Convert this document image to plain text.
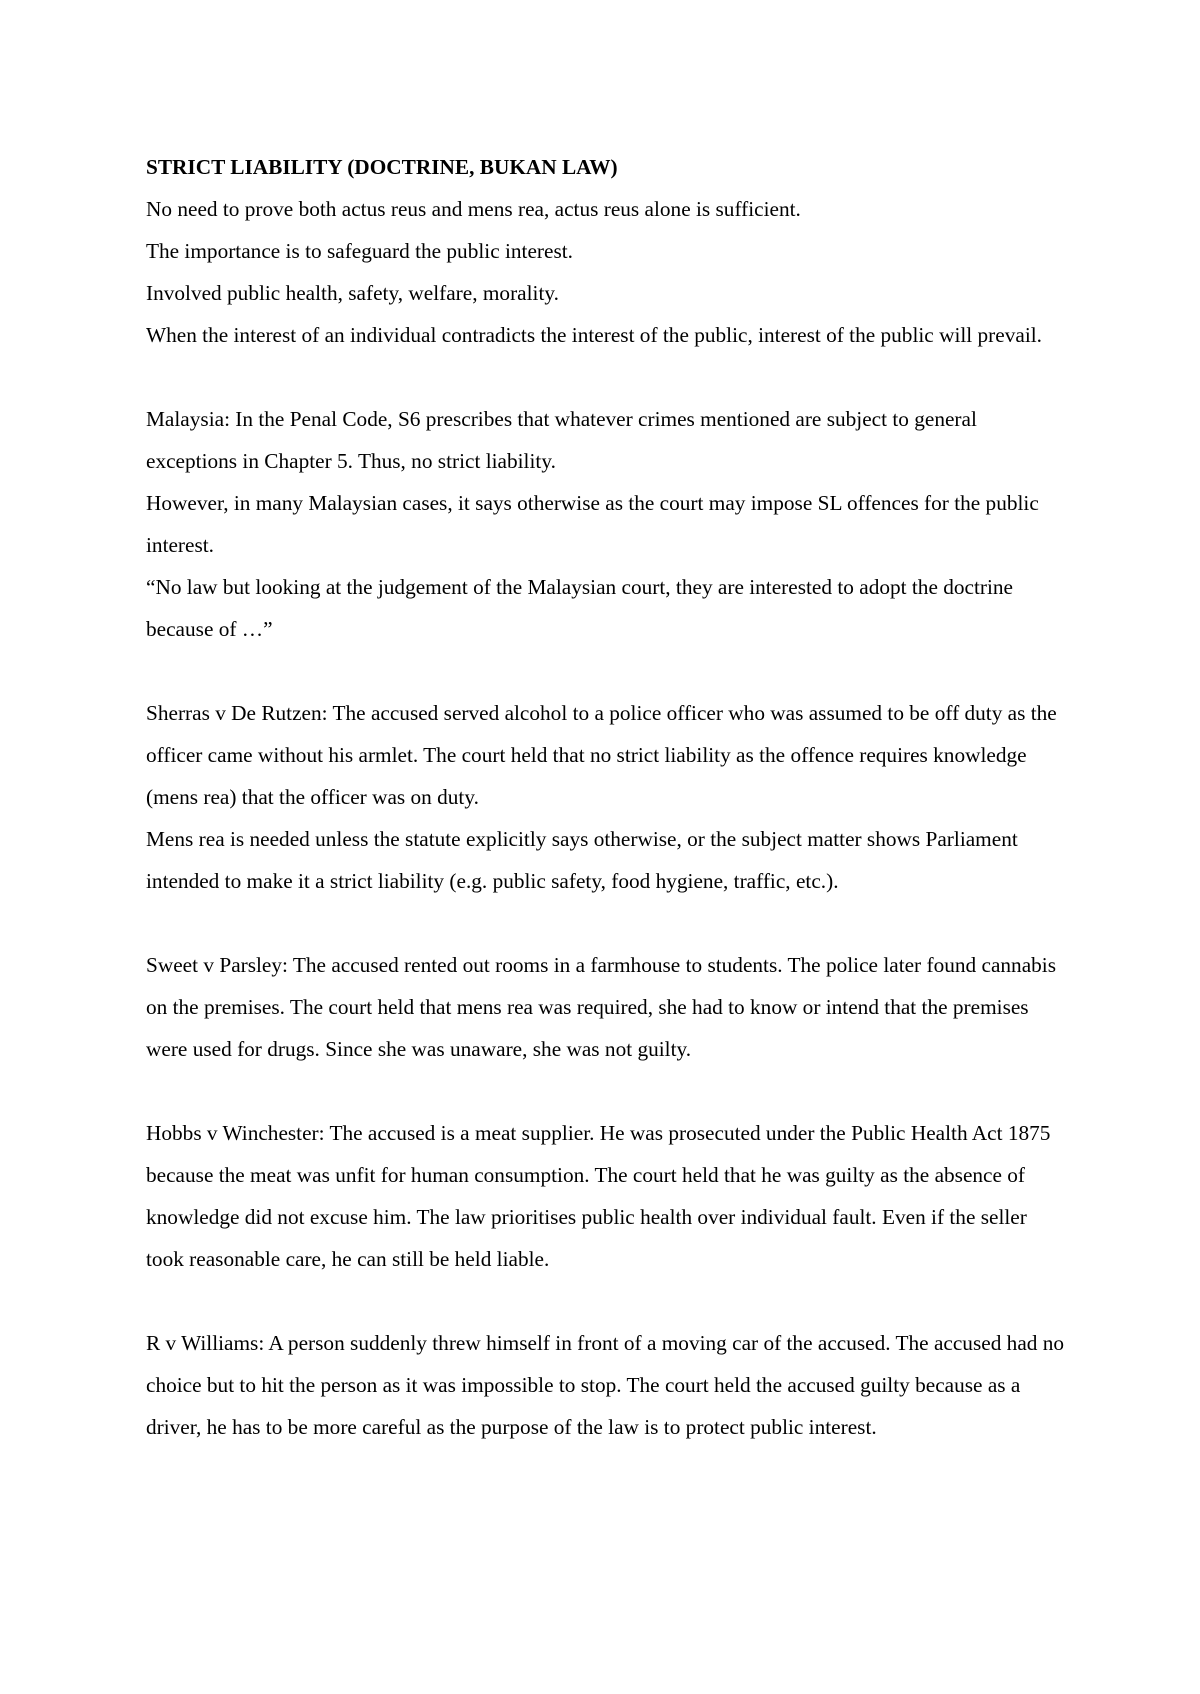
STRICT LIABILITY (DOCTRINE, BUKAN LAW)

No need to prove both actus reus and mens rea, actus reus alone is sufficient.

The importance is to safeguard the public interest.

Involved public health, safety, welfare, morality.

When the interest of an individual contradicts the interest of the public, interest of the public will prevail.

Malaysia: In the Penal Code, S6 prescribes that whatever crimes mentioned are subject to general exceptions in Chapter 5. Thus, no strict liability.

However, in many Malaysian cases, it says otherwise as the court may impose SL offences for the public interest.

“No law but looking at the judgement of the Malaysian court, they are interested to adopt the doctrine because of …”

Sherras v De Rutzen: The accused served alcohol to a police officer who was assumed to be off duty as the officer came without his armlet. The court held that no strict liability as the offence requires knowledge (mens rea) that the officer was on duty.

Mens rea is needed unless the statute explicitly says otherwise, or the subject matter shows Parliament intended to make it a strict liability (e.g. public safety, food hygiene, traffic, etc.).

Sweet v Parsley: The accused rented out rooms in a farmhouse to students. The police later found cannabis on the premises. The court held that mens rea was required, she had to know or intend that the premises were used for drugs. Since she was unaware, she was not guilty.

Hobbs v Winchester: The accused is a meat supplier. He was prosecuted under the Public Health Act 1875 because the meat was unfit for human consumption. The court held that he was guilty as the absence of knowledge did not excuse him. The law prioritises public health over individual fault. Even if the seller took reasonable care, he can still be held liable.

R v Williams: A person suddenly threw himself in front of a moving car of the accused. The accused had no choice but to hit the person as it was impossible to stop. The court held the accused guilty because as a driver, he has to be more careful as the purpose of the law is to protect public interest.
